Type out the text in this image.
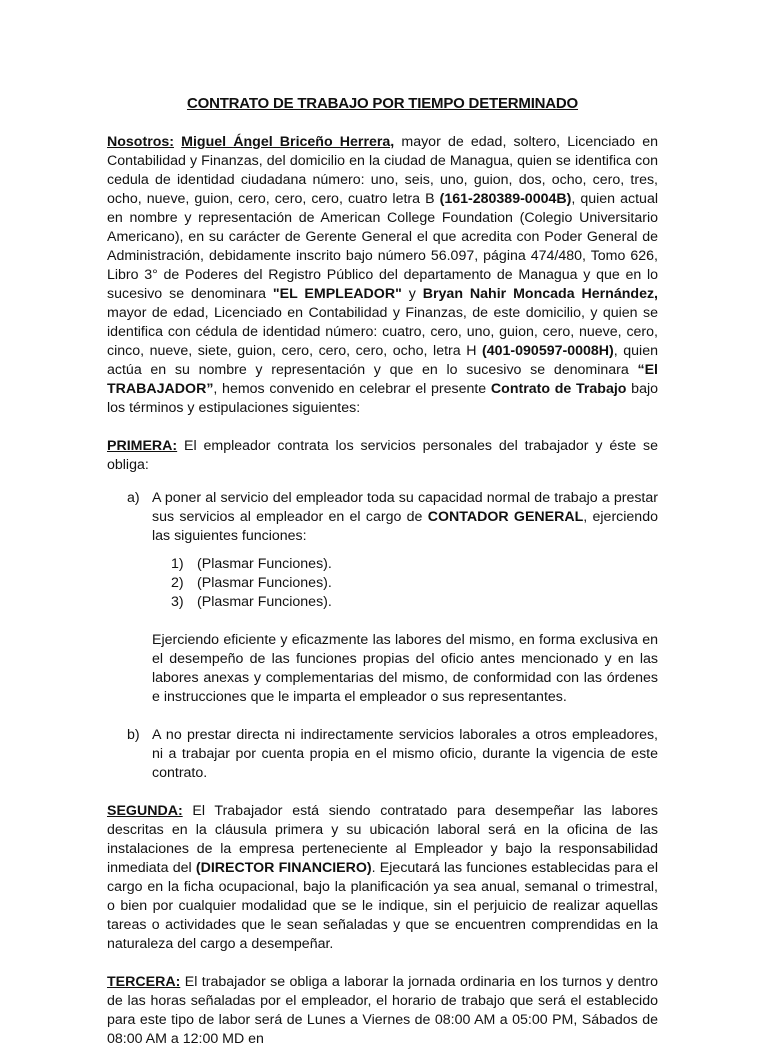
CONTRATO DE TRABAJO POR TIEMPO DETERMINADO

Nosotros: Miguel Ángel Briceño Herrera, mayor de edad, soltero, Licenciado en Contabilidad y Finanzas, del domicilio en la ciudad de Managua, quien se identifica con cedula de identidad ciudadana número: uno, seis, uno, guion, dos, ocho, cero, tres, ocho, nueve, guion, cero, cero, cero, cuatro letra B (161-280389-0004B), quien actual en nombre y representación de American College Foundation (Colegio Universitario Americano), en su carácter de Gerente General el que acredita con Poder General de Administración, debidamente inscrito bajo número 56.097, página 474/480, Tomo 626, Libro 3° de Poderes del Registro Público del departamento de Managua y que en lo sucesivo se denominara "EL EMPLEADOR" y Bryan Nahir Moncada Hernández, mayor de edad, Licenciado en Contabilidad y Finanzas, de este domicilio, y quien se identifica con cédula de identidad número: cuatro, cero, uno, guion, cero, nueve, cero, cinco, nueve, siete, guion, cero, cero, cero, ocho, letra H (401-090597-0008H), quien actúa en su nombre y representación y que en lo sucesivo se denominara “El TRABAJADOR”, hemos convenido en celebrar el presente Contrato de Trabajo bajo los términos y estipulaciones siguientes:

PRIMERA: El empleador contrata los servicios personales del trabajador y éste se obliga:

a) A poner al servicio del empleador toda su capacidad normal de trabajo a prestar sus servicios al empleador en el cargo de CONTADOR GENERAL, ejerciendo las siguientes funciones:

1) (Plasmar Funciones).
2) (Plasmar Funciones).
3) (Plasmar Funciones).

Ejerciendo eficiente y eficazmente las labores del mismo, en forma exclusiva en el desempeño de las funciones propias del oficio antes mencionado y en las labores anexas y complementarias del mismo, de conformidad con las órdenes e instrucciones que le imparta el empleador o sus representantes.

b) A no prestar directa ni indirectamente servicios laborales a otros empleadores, ni a trabajar por cuenta propia en el mismo oficio, durante la vigencia de este contrato.

SEGUNDA: El Trabajador está siendo contratado para desempeñar las labores descritas en la cláusula primera y su ubicación laboral será en la oficina de las instalaciones de la empresa perteneciente al Empleador y bajo la responsabilidad inmediata del (DIRECTOR FINANCIERO). Ejecutará las funciones establecidas para el cargo en la ficha ocupacional, bajo la planificación ya sea anual, semanal o trimestral, o bien por cualquier modalidad que se le indique, sin el perjuicio de realizar aquellas tareas o actividades que le sean señaladas y que se encuentren comprendidas en la naturaleza del cargo a desempeñar.

TERCERA: El trabajador se obliga a laborar la jornada ordinaria en los turnos y dentro de las horas señaladas por el empleador, el horario de trabajo que será el establecido para este tipo de labor será de Lunes a Viernes de 08:00 AM a 05:00 PM, Sábados de 08:00 AM a 12:00 MD en
